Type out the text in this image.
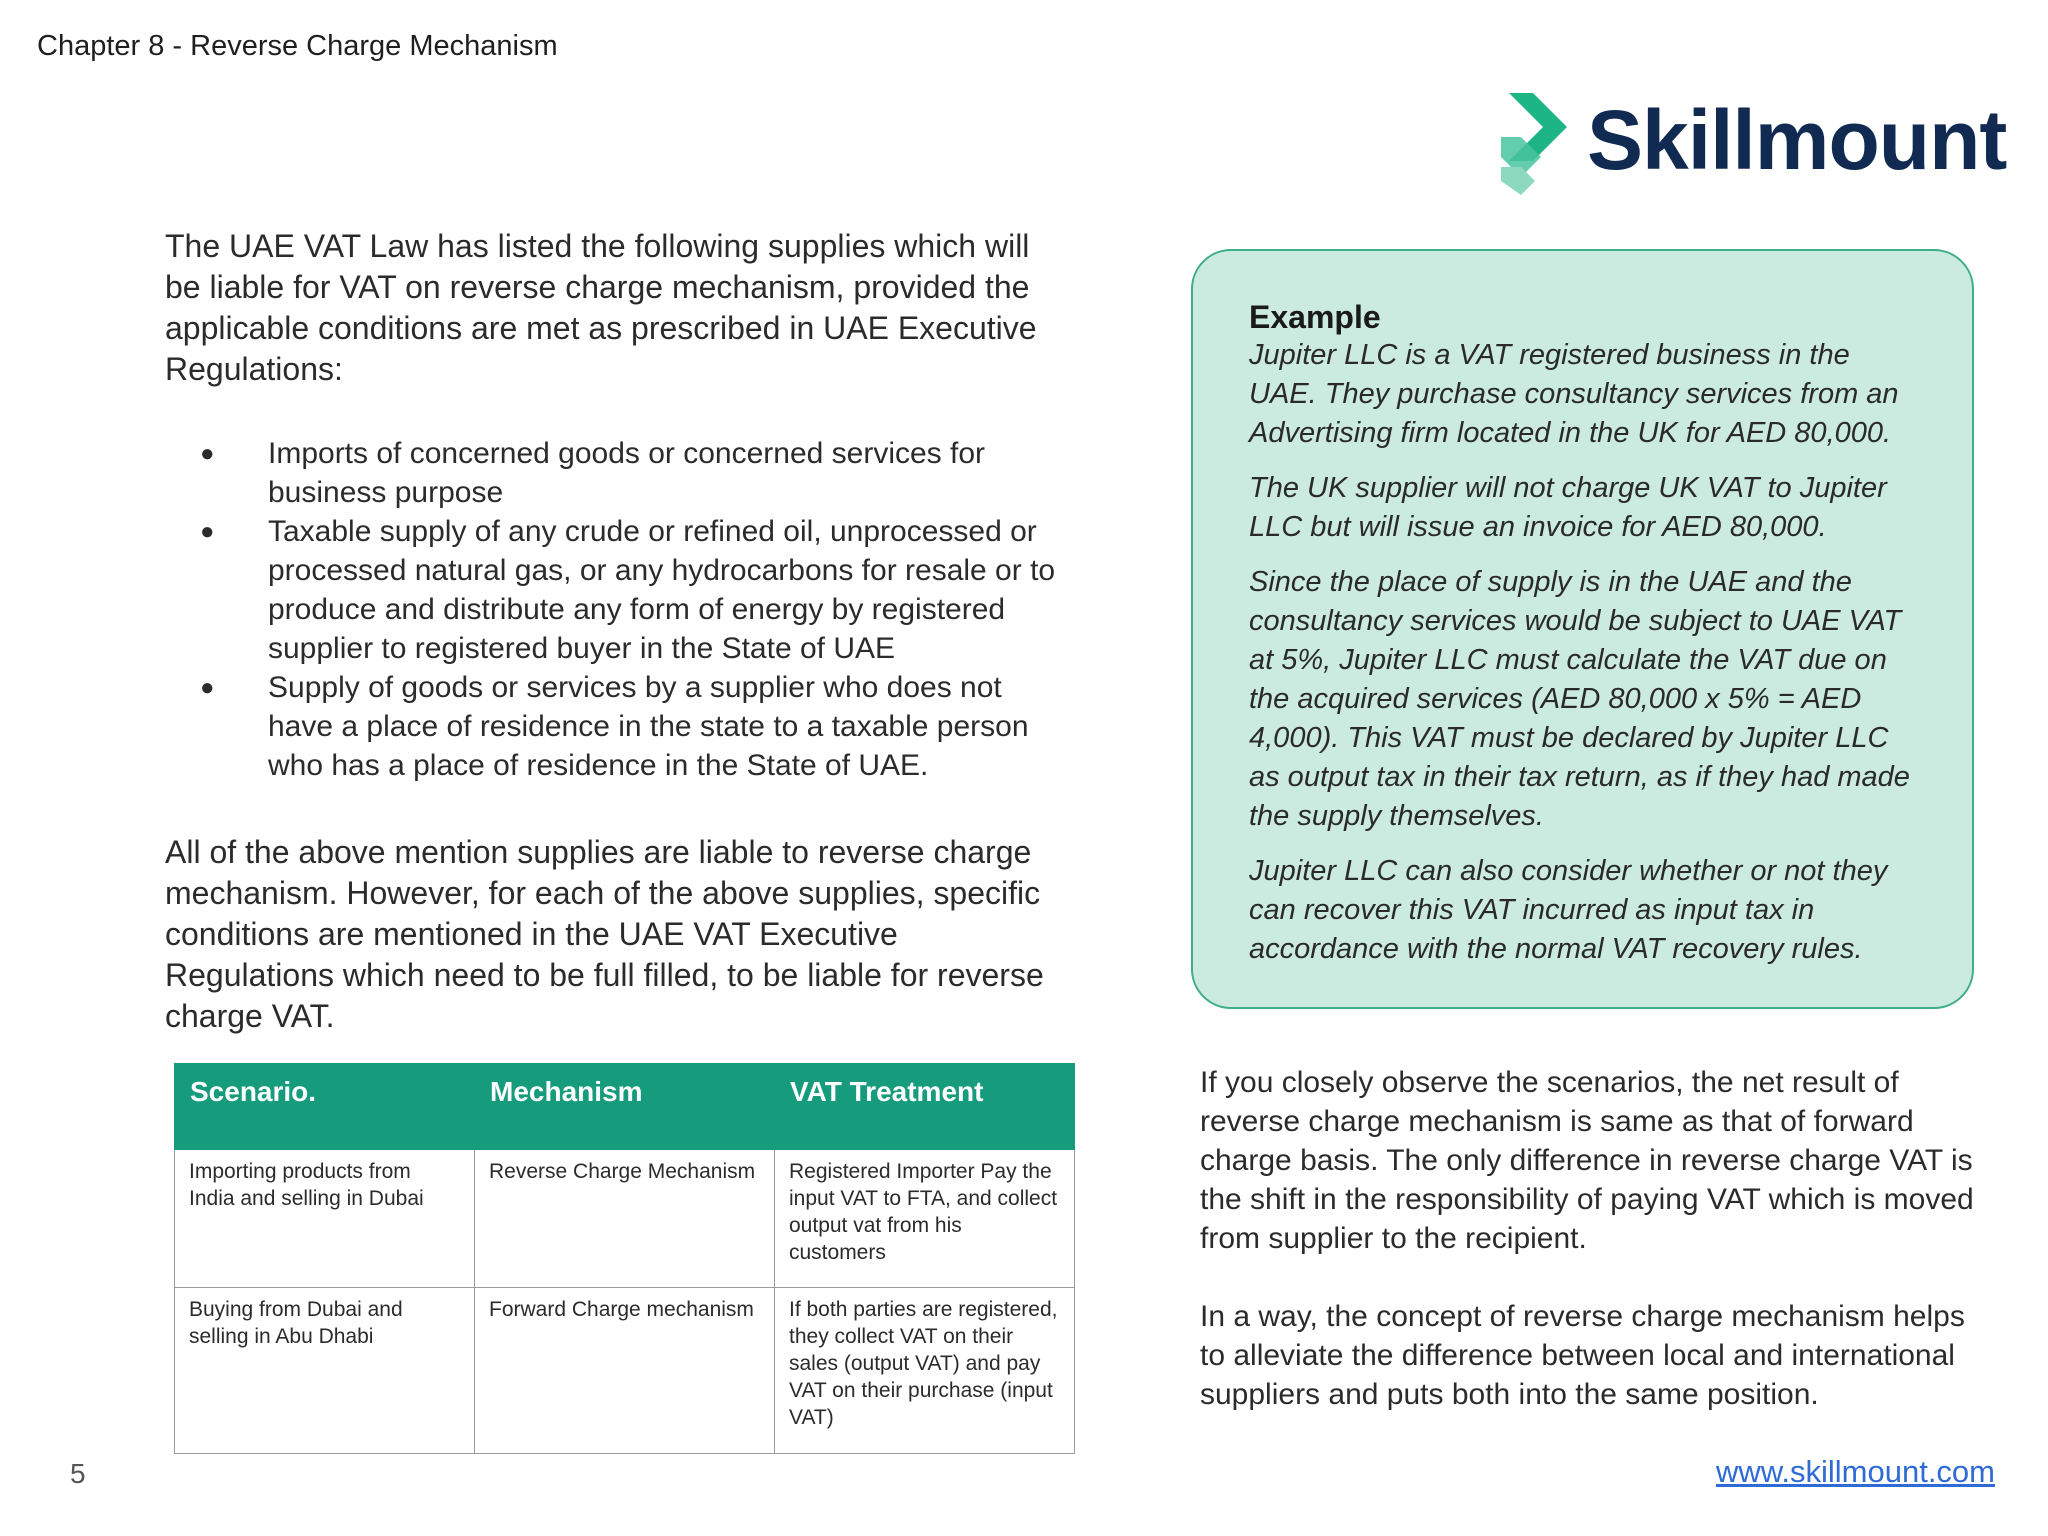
Chapter 8 - Reverse Charge Mechanism
Skillmount

The UAE VAT Law has listed the following supplies which will be liable for VAT on reverse charge mechanism, provided the applicable conditions are met as prescribed in UAE Executive Regulations:

● Imports of concerned goods or concerned services for business purpose
● Taxable supply of any crude or refined oil, unprocessed or processed natural gas, or any hydrocarbons for resale or to produce and distribute any form of energy by registered supplier to registered buyer in the State of UAE
● Supply of goods or services by a supplier who does not have a place of residence in the state to a taxable person who has a place of residence in the State of UAE.

All of the above mention supplies are liable to reverse charge mechanism. However, for each of the above supplies, specific conditions are mentioned in the UAE VAT Executive Regulations which need to be full filled, to be liable for reverse charge VAT.

Scenario.	Mechanism	VAT Treatment
Importing products from India and selling in Dubai	Reverse Charge Mechanism	Registered Importer Pay the input VAT to FTA, and collect output vat from his customers
Buying from Dubai and selling in Abu Dhabi	Forward Charge mechanism	If both parties are registered, they collect VAT on their sales (output VAT) and pay VAT on their purchase (input VAT)
Example

Jupiter LLC is a VAT registered business in the UAE. They purchase consultancy services from an Advertising firm located in the UK for AED 80,000.

The UK supplier will not charge UK VAT to Jupiter LLC but will issue an invoice for AED 80,000.

Since the place of supply is in the UAE and the consultancy services would be subject to UAE VAT at 5%, Jupiter LLC must calculate the VAT due on the acquired services (AED 80,000 x 5% = AED 4,000). This VAT must be declared by Jupiter LLC as output tax in their tax return, as if they had made the supply themselves.

Jupiter LLC can also consider whether or not they can recover this VAT incurred as input tax in accordance with the normal VAT recovery rules.

If you closely observe the scenarios, the net result of reverse charge mechanism is same as that of forward charge basis. The only difference in reverse charge VAT is the shift in the responsibility of paying VAT which is moved from supplier to the recipient.

In a way, the concept of reverse charge mechanism helps to alleviate the difference between local and international suppliers and puts both into the same position.

5	www.skillmount.com
